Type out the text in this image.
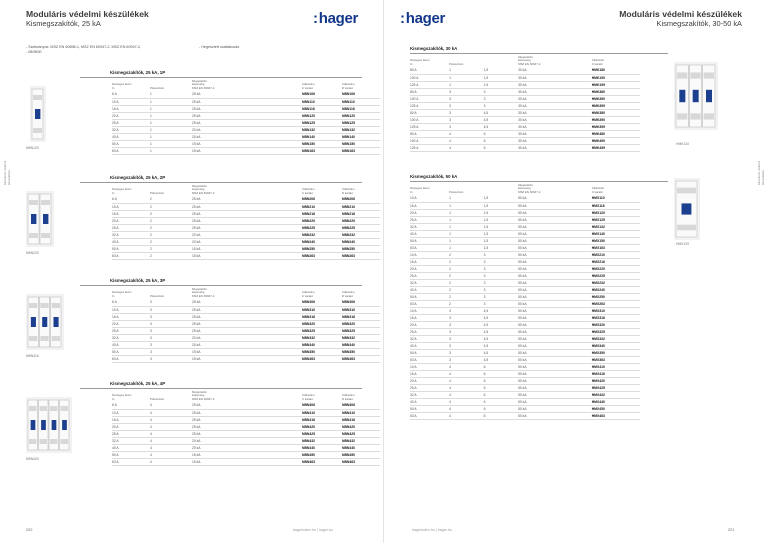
Moduláris védelmi készülékek
Kismegszakítók, 25 kA	:hager
- Szabványok: MSZ EN 60898-1, MSZ EN 60947-2, MSZ EN 60947-2,
- 08/9830
- Hegesztett csatlakozás
Kismegszakítók, 25 kA, 1P
Névleges áram
In	Pólusszám	Megszakító
képesség
MSZ EN 60947-2	Cikkszám
C karakt.	Cikkszám
D karakt.
6 A	1	25 kA	NBN106	NBN106
10 A	1	25 kA	NBN110	NBN110
16 A	1	25 kA	NBN116	NBN116
20 A	1	25 kA	NBN120	NBN120
25 A	1	25 kA	NBN125	NBN125
32 A	1	20 kA	NBN132	NBN132
40 A	1	20 kA	NBN140	NBN140
50 A	1	15 kA	NBN150	NBN150
63 A	1	15 kA	NBN163	NBN163
NBN120
Kismegszakítók, 25 kA, 2P
Névleges áram
In	Pólusszám	Megszakító
képesség
MSZ EN 60947-2	Cikkszám
C karakt.	Cikkszám
D karakt.
6 A	2	25 kA	NBN206	NBN206
10 A	2	25 kA	NBN210	NBN210
16 A	2	25 kA	NBN216	NBN216
20 A	2	25 kA	NBN220	NBN220
25 A	2	25 kA	NBN225	NBN225
32 A	2	20 kA	NBN232	NBN232
40 A	2	20 kA	NBN240	NBN240
50 A	2	15 kA	NBN250	NBN250
63 A	2	15 kA	NBN263	NBN263
NBN220
Kismegszakítók, 25 kA, 3P
Névleges áram
In	Pólusszám	Megszakító
képesség
MSZ EN 60947-2	Cikkszám
C karakt.	Cikkszám
D karakt.
6 A	3	25 kA	NBN306	NBN306
10 A	3	25 kA	NBN310	NBN310
16 A	3	25 kA	NBN316	NBN316
20 A	3	25 kA	NBN320	NBN320
25 A	3	25 kA	NBN325	NBN325
32 A	3	20 kA	NBN332	NBN332
40 A	3	20 kA	NBN340	NBN340
50 A	3	15 kA	NBN350	NBN350
63 A	3	15 kA	NBN363	NBN363
NBN316
Kismegszakítók, 25 kA, 4P
Névleges áram
In	Pólusszám	Megszakító
képesség
MSZ EN 60947-2	Cikkszám
C karakt.	Cikkszám
D karakt.
6 A	4	25 kA	NBN406	NBN406
10 A	4	25 kA	NBN410	NBN410
16 A	4	25 kA	NBN416	NBN416
20 A	4	25 kA	NBN420	NBN420
25 A	4	25 kA	NBN425	NBN425
32 A	4	20 kA	NBN432	NBN432
40 A	4	20 kA	NBN440	NBN440
50 A	4	15 kA	NBN450	NBN450
63 A	4	15 kA	NBN463	NBN463
NBN420
220	hagerindex.hu | hager.hu
:hager	Moduláris védelmi készülékek
Kismegszakítók, 30-50 kA
Kismegszakítók, 30 kA
Névleges áram
In	Pólusszám		Megszakító
képesség
MSZ EN 60947-2	Cikkszám
C karakt.
80 A	1	1,5	30 kA	HMK180
100 A	1	1,5	30 kA	HMK190
125 A	1	1,5	30 kA	HMK199
80 A	3	3	30 kA	HMK380
100 A	3	3	30 kA	HMK390
125 A	3	3	30 kA	HMK399
80 A	3	4,5	30 kA	HMK380
100 A	3	4,5	30 kA	HMK390
125 A	3	4,5	30 kA	HMK399
80 A	4	6	30 kA	HMK480
100 A	4	6	30 kA	HMK490
125 A	4	6	30 kA	HMK499
HMK310
Kismegszakítók, 50 kA
Névleges áram
In	Pólusszám		Megszakító
képesség
MSZ EN 60947-2	Cikkszám
C karakt.
10 A	1	1,5	50 kA	HMX110
16 A	1	1,5	50 kA	HMX116
20 A	1	1,5	50 kA	HMX120
25 A	1	1,5	50 kA	HMX125
32 A	1	1,5	50 kA	HMX132
40 A	1	1,5	50 kA	HMX140
50 A	1	1,5	50 kA	HMX150
63 A	1	1,5	50 kA	HMX163
10 A	2	3	50 kA	HMX210
16 A	2	3	50 kA	HMX216
20 A	2	3	50 kA	HMX220
25 A	2	3	50 kA	HMX225
32 A	2	3	50 kA	HMX232
40 A	2	3	50 kA	HMX240
50 A	2	3	50 kA	HMX250
63 A	2	3	50 kA	HMX263
10 A	3	4,5	50 kA	HMX310
16 A	3	4,5	50 kA	HMX316
20 A	3	4,5	50 kA	HMX320
25 A	3	4,5	50 kA	HMX325
32 A	3	4,5	50 kA	HMX332
40 A	3	4,5	50 kA	HMX340
50 A	3	4,5	50 kA	HMX350
63 A	3	4,5	50 kA	HMX363
10 A	4	6	50 kA	HMX410
16 A	4	6	50 kA	HMX416
20 A	4	6	50 kA	HMX420
25 A	4	6	50 kA	HMX425
32 A	4	6	50 kA	HMX432
40 A	4	6	50 kA	HMX440
50 A	4	6	50 kA	HMX450
63 A	4	6	50 kA	HMX463
HMX120
hagerindex.hu | hager.hu	221
Moduláris védelmi készülékek	Moduláris védelmi készülékek
